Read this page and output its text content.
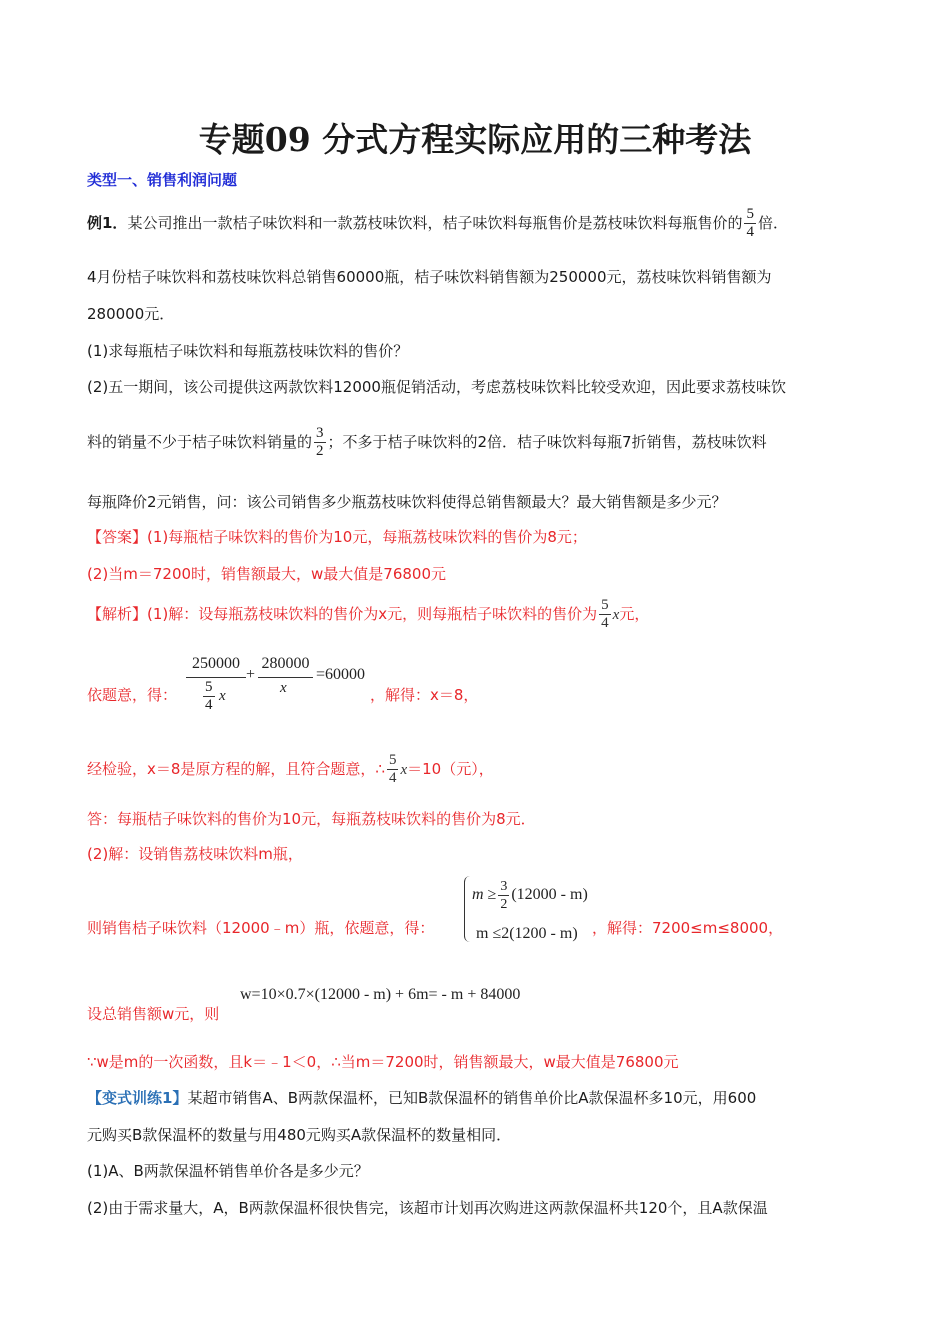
专题09 分式方程实际应用的三种考法
类型一、销售利润问题
例1．某公司推出一款桔子味饮料和一款荔枝味饮料，桔子味饮料每瓶售价是荔枝味饮料每瓶售价的 $\frac{5}{4}$ 倍．
4月份桔子味饮料和荔枝味饮料总销售60000瓶，桔子味饮料销售额为250000元，荔枝味饮料销售额为
280000元．
(1)求每瓶桔子味饮料和每瓶荔枝味饮料的售价？
(2)五一期间，该公司提供这两款饮料12000瓶促销活动，考虑荔枝味饮料比较受欢迎，因此要求荔枝味饮
料的销量不少于桔子味饮料销量的 $\frac{3}{2}$ ；不多于桔子味饮料的2倍．桔子味饮料每瓶7折销售，荔枝味饮料
每瓶降价2元销售，问：该公司销售多少瓶荔枝味饮料使得总销售额最大？最大销售额是多少元？
【答案】(1)每瓶桔子味饮料的售价为10元，每瓶荔枝味饮料的售价为8元；
(2)当m＝7200时，销售额最大，w最大值是76800元
【解析】(1)解：设每瓶荔枝味饮料的售价为x元，则每瓶桔子味饮料的售价为 $\frac{5}{4}$ x元，
依题意，得：
250000
$\frac{5}{4}$ x
+
280000
x
=60000
，解得：x＝8，
经检验，x＝8是原方程的解，且符合题意，∴ $\frac{5}{4} x=10$（元），
答：每瓶桔子味饮料的售价为10元，每瓶荔枝味饮料的售价为8元．
(2)解：设销售荔枝味饮料m瓶，
则销售桔子味饮料（12000﹣m）瓶，依题意，得：
$m \ge \frac{3}{2} (12000 - m)$
m ≤2(1200 - m) ，解得：7200≤m≤8000，
w=10×0.7×(12000 - m) + 6m= - m + 84000
设总销售额w元，则
∵w是m的一次函数，且k＝﹣1＜0，∴当m＝7200时，销售额最大，w最大值是76800元
【变式训练1】某超市销售A、B两款保温杯，已知B款保温杯的销售单价比A款保温杯多10元，用600
元购买B款保温杯的数量与用480元购买A款保温杯的数量相同．
(1)A、B两款保温杯销售单价各是多少元？
(2)由于需求量大，A，B两款保温杯很快售完，该超市计划再次购进这两款保温杯共120个，且A款保温
